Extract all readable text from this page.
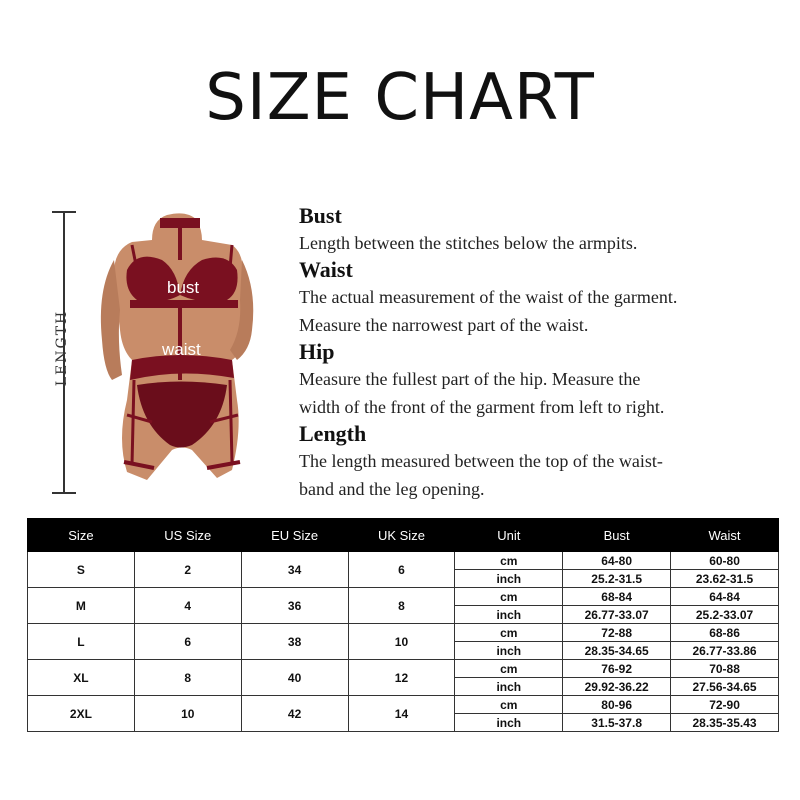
SIZE CHART
LENGTH
bust
waist
Bust
Length between the stitches below the armpits.
Waist
The actual measurement of the waist of the garment.
Measure the narrowest part of the waist.
Hip
Measure the fullest part of the hip. Measure the
width of the front of the garment from left to right.
Length
The length measured between the top of the waist-
band and the leg opening.
Size	US Size	EU Size	UK Size	Unit	Bust	Waist
S	2	34	6	cm	64-80	60-80
				inch	25.2-31.5	23.62-31.5
M	4	36	8	cm	68-84	64-84
				inch	26.77-33.07	25.2-33.07
L	6	38	10	cm	72-88	68-86
				inch	28.35-34.65	26.77-33.86
XL	8	40	12	cm	76-92	70-88
				inch	29.92-36.22	27.56-34.65
2XL	10	42	14	cm	80-96	72-90
				inch	31.5-37.8	28.35-35.43
